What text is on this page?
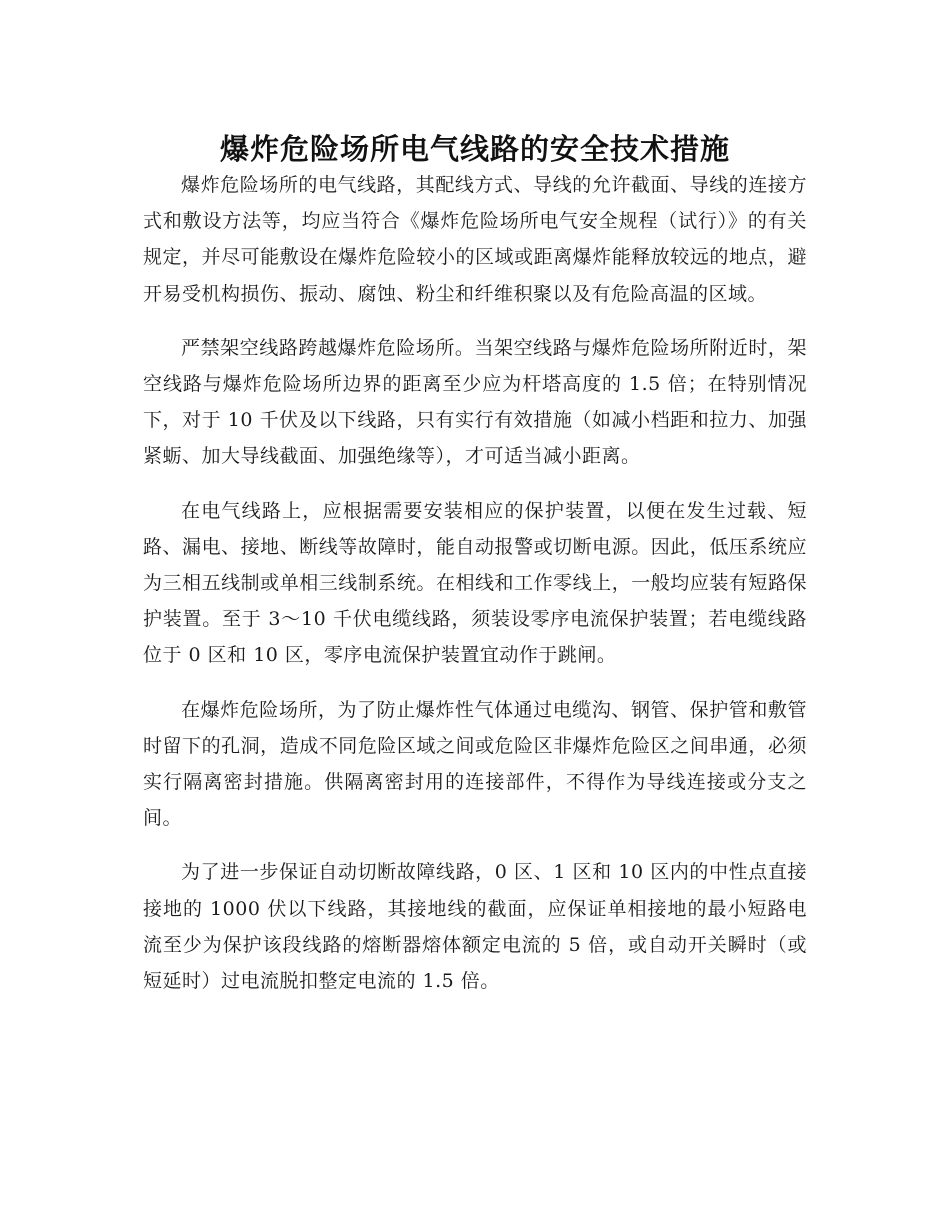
爆炸危险场所电气线路的安全技术措施

爆炸危险场所的电气线路，其配线方式、导线的允许截面、导线的连接方式和敷设方法等，均应当符合《爆炸危险场所电气安全规程（试行）》的有关规定，并尽可能敷设在爆炸危险较小的区域或距离爆炸能释放较远的地点，避开易受机构损伤、振动、腐蚀、粉尘和纤维积聚以及有危险高温的区域。

严禁架空线路跨越爆炸危险场所。当架空线路与爆炸危险场所附近时，架空线路与爆炸危险场所边界的距离至少应为杆塔高度的 1.5 倍；在特别情况下，对于 10 千伏及以下线路，只有实行有效措施（如减小档距和拉力、加强紧蛎、加大导线截面、加强绝缘等），才可适当减小距离。

在电气线路上，应根据需要安装相应的保护装置，以便在发生过载、短路、漏电、接地、断线等故障时，能自动报警或切断电源。因此，低压系统应为三相五线制或单相三线制系统。在相线和工作零线上，一般均应装有短路保护装置。至于 3～10 千伏电缆线路，须装设零序电流保护装置；若电缆线路位于 0 区和 10 区，零序电流保护装置宜动作于跳闸。

在爆炸危险场所，为了防止爆炸性气体通过电缆沟、钢管、保护管和敷管时留下的孔洞，造成不同危险区域之间或危险区非爆炸危险区之间串通，必须实行隔离密封措施。供隔离密封用的连接部件，不得作为导线连接或分支之间。

为了进一步保证自动切断故障线路，0 区、1 区和 10 区内的中性点直接接地的 1000 伏以下线路，其接地线的截面，应保证单相接地的最小短路电流至少为保护该段线路的熔断器熔体额定电流的 5 倍，或自动开关瞬时（或短延时）过电流脱扣整定电流的 1.5 倍。
